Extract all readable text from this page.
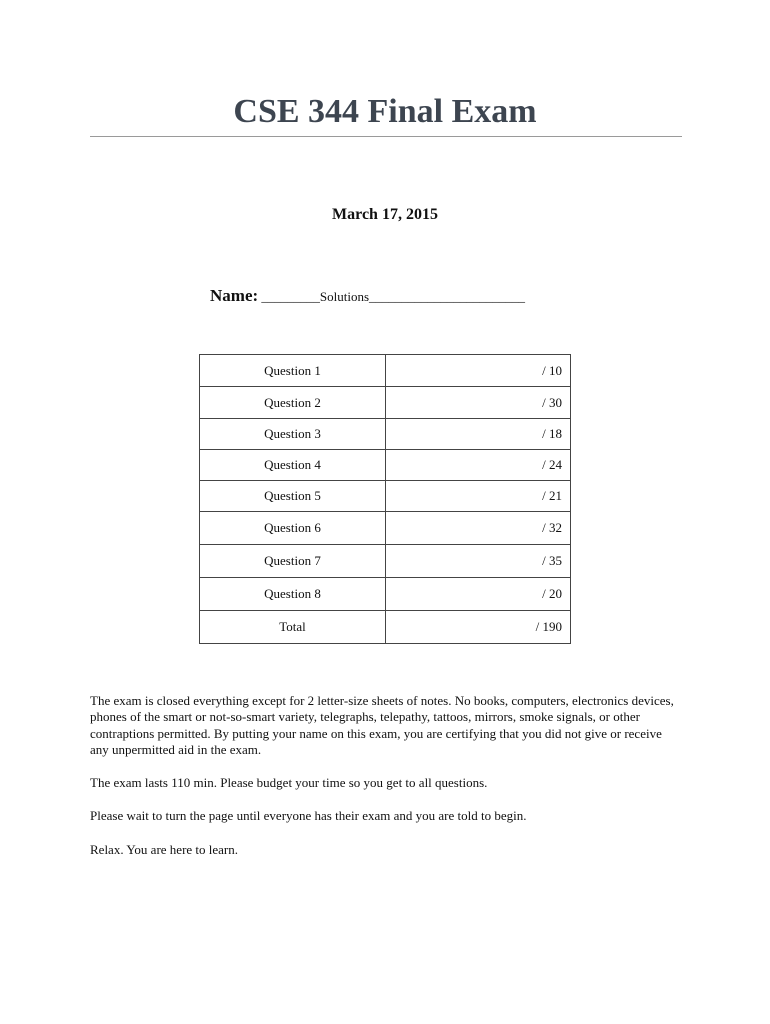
CSE 344 Final Exam
March 17, 2015
Name: _________Solutions________________________
Question 1	/ 10
Question 2	/ 30
Question 3	/ 18
Question 4	/ 24
Question 5	/ 21
Question 6	/ 32
Question 7	/ 35
Question 8	/ 20
Total	/ 190

The exam is closed everything except for 2 letter-size sheets of notes. No books, computers, electronics devices, phones of the smart or not-so-smart variety, telegraphs, telepathy, tattoos, mirrors, smoke signals, or other contraptions permitted. By putting your name on this exam, you are certifying that you did not give or receive any unpermitted aid in the exam.

The exam lasts 110 min. Please budget your time so you get to all questions.

Please wait to turn the page until everyone has their exam and you are told to begin.

Relax. You are here to learn.
